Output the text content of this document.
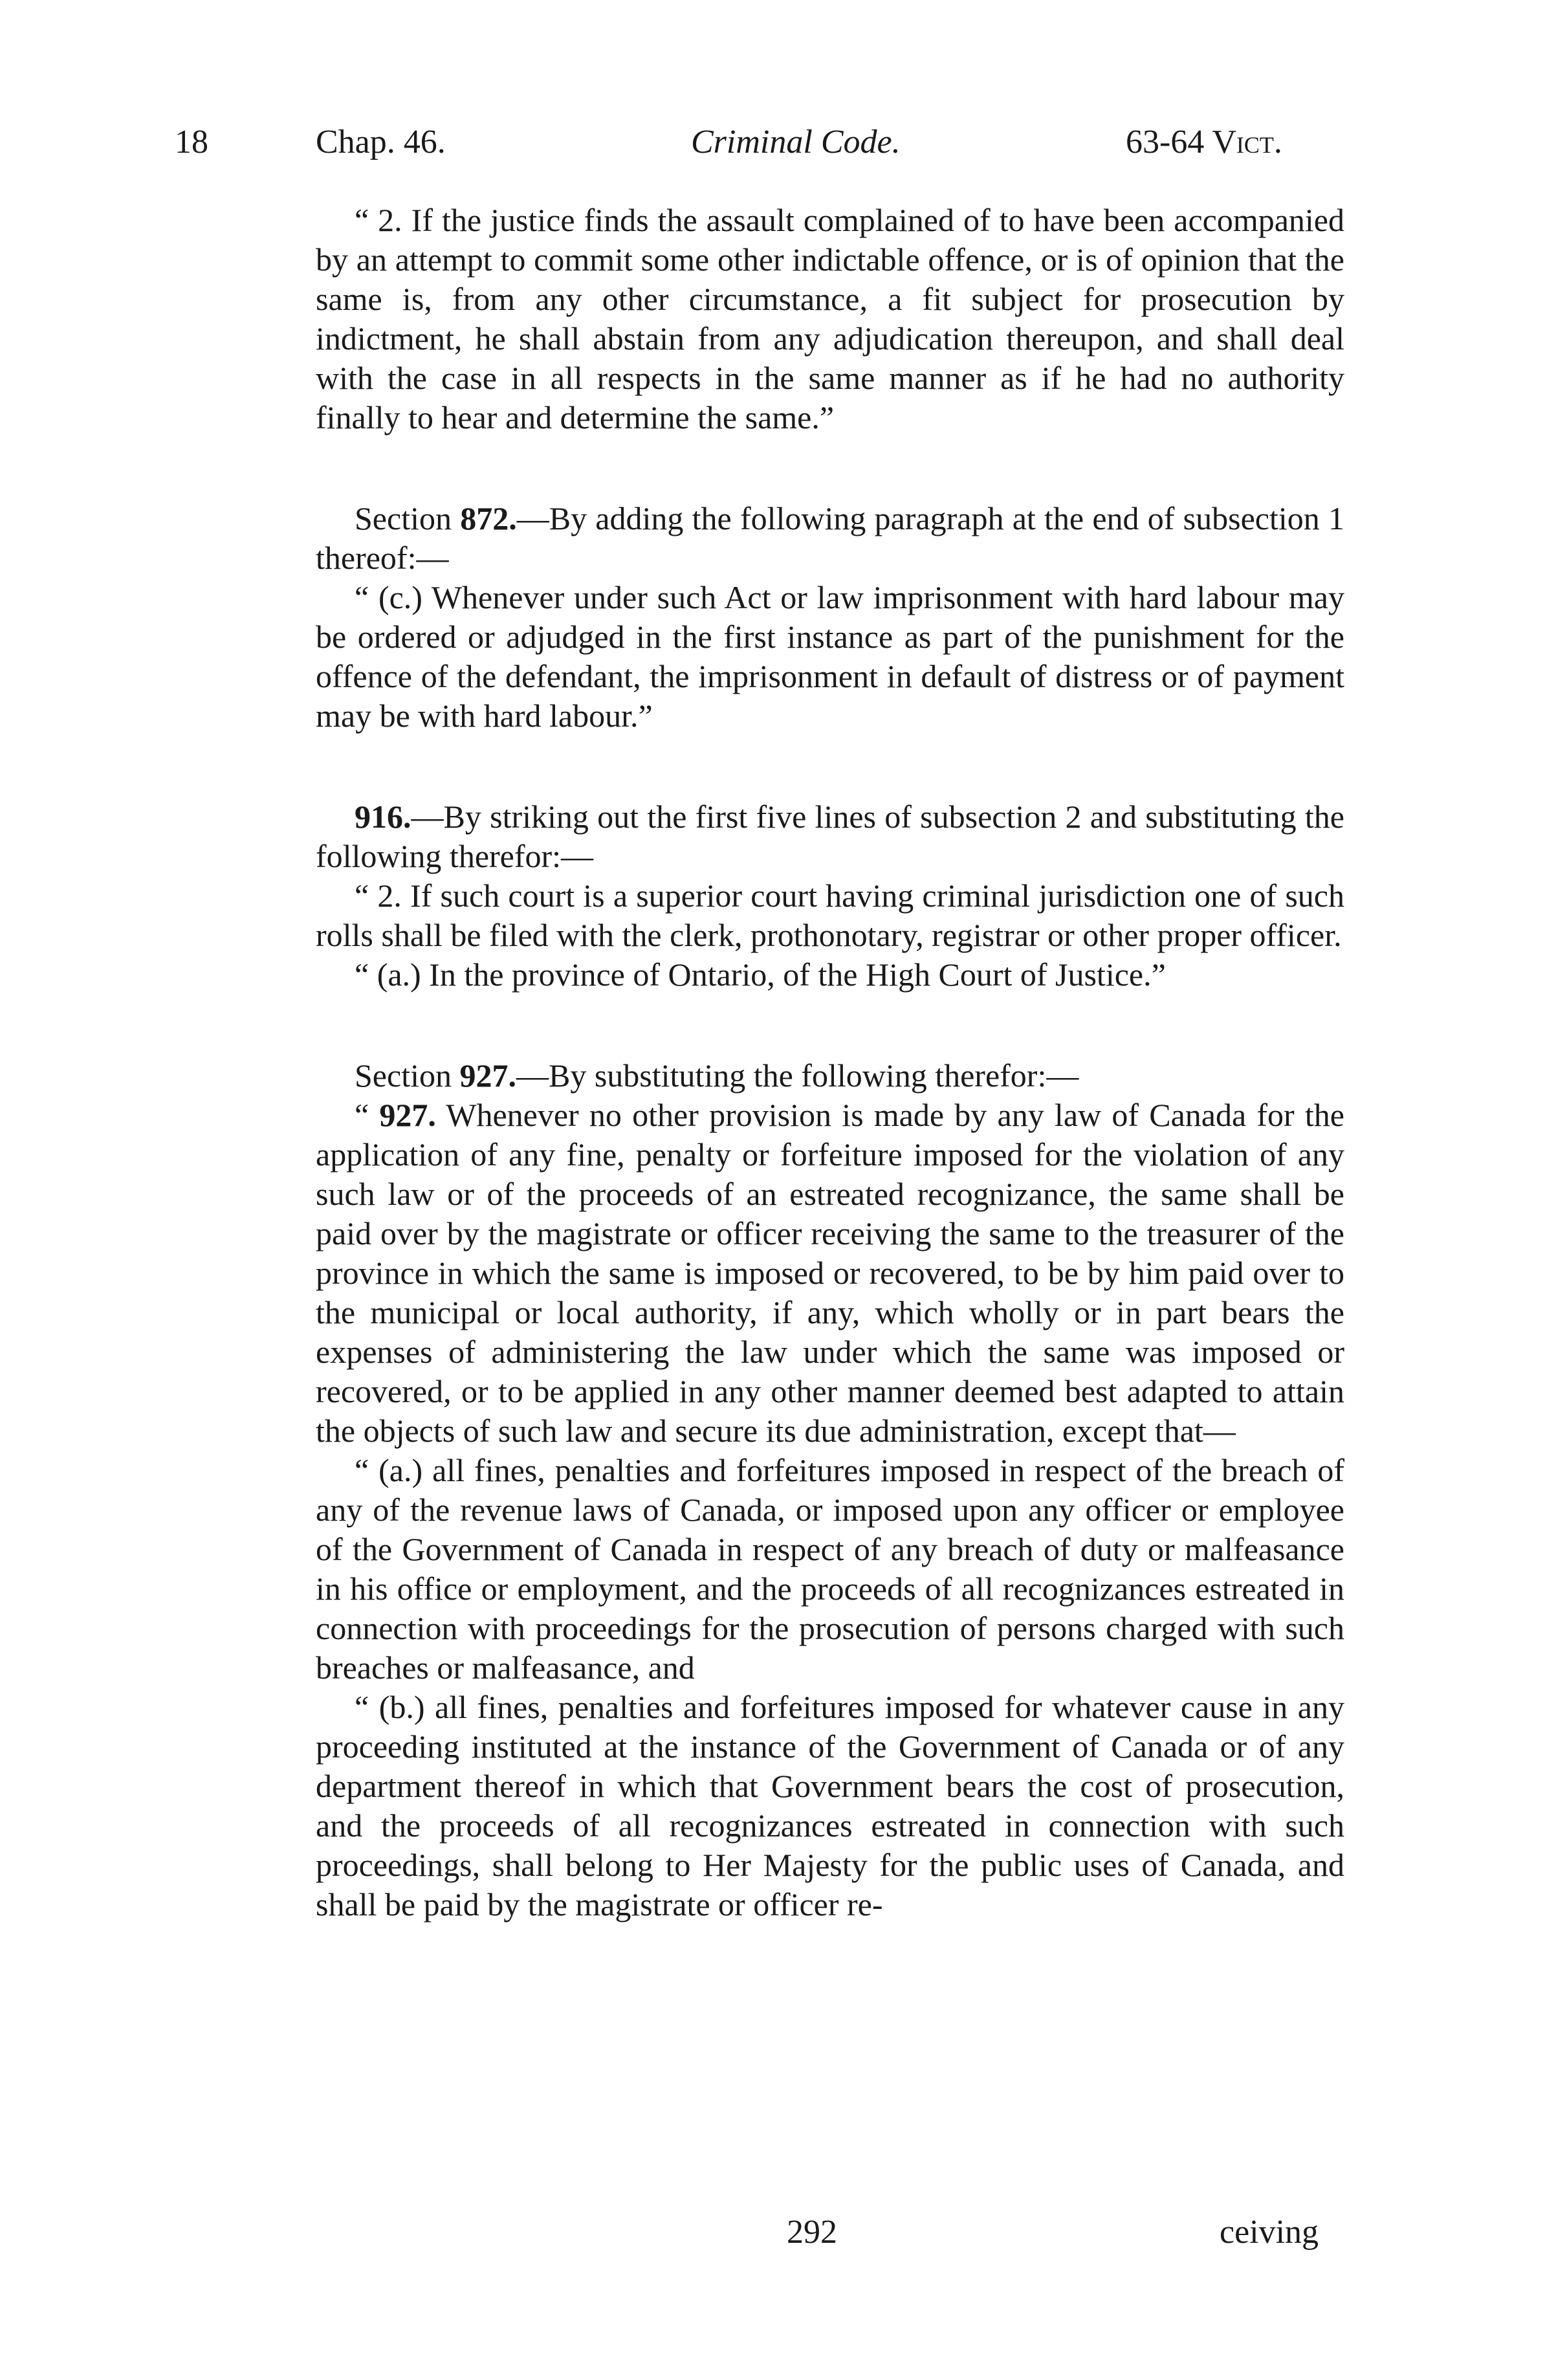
18	Chap. 46.	Criminal Code.	63-64 Vict.

“ 2. If the justice finds the assault complained of to have been accompanied by an attempt to commit some other indictable offence, or is of opinion that the same is, from any other circumstance, a fit subject for prosecution by indictment, he shall abstain from any adjudication thereupon, and shall deal with the case in all respects in the same manner as if he had no authority finally to hear and determine the same.”

Section 872.—By adding the following paragraph at the end of subsection 1 thereof:—

“ (c.) Whenever under such Act or law imprisonment with hard labour may be ordered or adjudged in the first instance as part of the punishment for the offence of the defendant, the imprisonment in default of distress or of payment may be with hard labour.”

916.—By striking out the first five lines of subsection 2 and substituting the following therefor:—

“ 2. If such court is a superior court having criminal jurisdiction one of such rolls shall be filed with the clerk, prothonotary, registrar or other proper officer.

“ (a.) In the province of Ontario, of the High Court of Justice.”

Section 927.—By substituting the following therefor:—

“ 927. Whenever no other provision is made by any law of Canada for the application of any fine, penalty or forfeiture imposed for the violation of any such law or of the proceeds of an estreated recognizance, the same shall be paid over by the magistrate or officer receiving the same to the treasurer of the province in which the same is imposed or recovered, to be by him paid over to the municipal or local authority, if any, which wholly or in part bears the expenses of administering the law under which the same was imposed or recovered, or to be applied in any other manner deemed best adapted to attain the objects of such law and secure its due administration, except that—

“ (a.) all fines, penalties and forfeitures imposed in respect of the breach of any of the revenue laws of Canada, or imposed upon any officer or employee of the Government of Canada in respect of any breach of duty or malfeasance in his office or employment, and the proceeds of all recognizances estreated in connection with proceedings for the prosecution of persons charged with such breaches or malfeasance, and

“ (b.) all fines, penalties and forfeitures imposed for whatever cause in any proceeding instituted at the instance of the Government of Canada or of any department thereof in which that Government bears the cost of prosecution, and the proceeds of all recognizances estreated in connection with such proceedings, shall belong to Her Majesty for the public uses of Canada, and shall be paid by the magistrate or officer re-

292	ceiving
